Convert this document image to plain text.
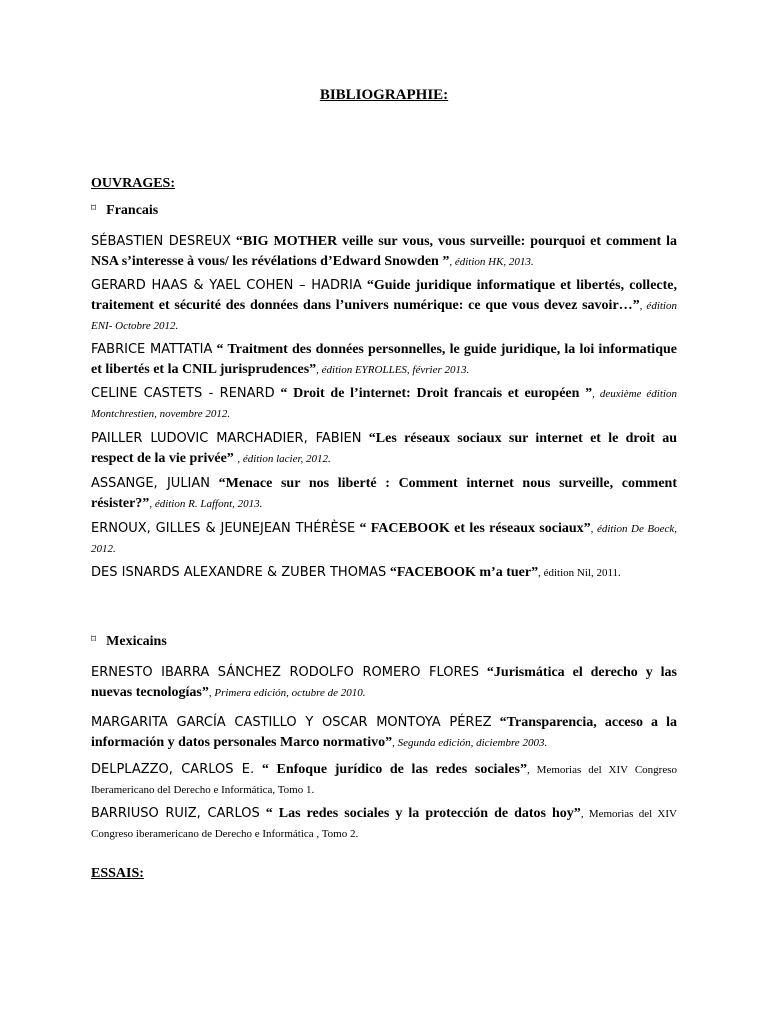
BIBLIOGRAPHIE:
OUVRAGES:
⌑ Francais
SÉBASTIEN DESREUX “BIG MOTHER veille sur vous, vous surveille: pourquoi et comment la NSA s’interesse à vous/ les révélations d’Edward Snowden ”, édition HK, 2013.
GERARD HAAS & YAEL COHEN – HADRIA “Guide juridique informatique et libertés, collecte, traitement et sécurité des données dans l’univers numérique: ce que vous devez savoir…”, édition ENI- Octobre 2012.
FABRICE MATTATIA “ Traitment des données personnelles, le guide juridique, la loi informatique et libertés et la CNIL jurisprudences”, édition EYROLLES, février 2013.
CELINE CASTETS - RENARD “ Droit de l’internet: Droit francais et européen ”, deuxième édition Montchrestien, novembre 2012.
PAILLER LUDOVIC MARCHADIER, FABIEN “Les réseaux sociaux sur internet et le droit au respect de la vie privée” , édition lacier, 2012.
ASSANGE, JULIAN “Menace sur nos liberté : Comment internet nous surveille, comment résister?”, édition R. Laffont, 2013.
ERNOUX, GILLES & JEUNEJEAN THÉRÈSE “ FACEBOOK et les réseaux sociaux”, édition De Boeck, 2012.
DES ISNARDS ALEXANDRE & ZUBER THOMAS “FACEBOOK m’a tuer”, édition Nil, 2011.
⌑ Mexicains
ERNESTO IBARRA SÁNCHEZ RODOLFO ROMERO FLORES “Jurismática el derecho y las nuevas tecnologías”, Primera edición, octubre de 2010.
MARGARITA GARCÍA CASTILLO Y OSCAR MONTOYA PÉREZ “Transparencia, acceso a la información y datos personales Marco normativo”, Segunda edición, diciembre 2003.
DELPLAZZO, CARLOS E. “ Enfoque jurídico de las redes sociales”, Memorias del XIV Congreso Iberamericano del Derecho e Informática, Tomo 1.
BARRIUSO RUIZ, CARLOS “ Las redes sociales y la protección de datos hoy”, Memorias del XIV Congreso iberamericano de Derecho e Informática , Tomo 2.
ESSAIS:
